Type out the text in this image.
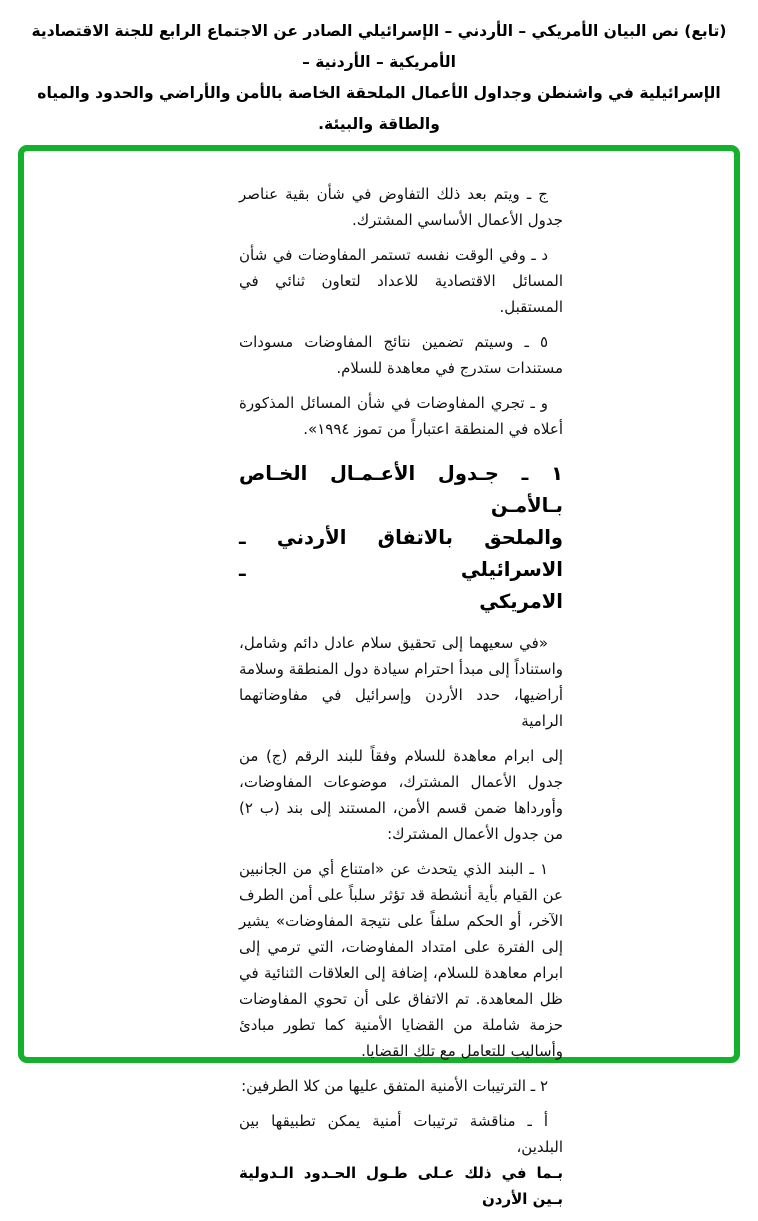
(تابع) نص البيان الأمريكي – الأردني – الإسرائيلي الصادر عن الاجتماع الرابع للجنة الاقتصادية الأمريكية – الأردنية –
الإسرائيلية في واشنطن وجداول الأعمال الملحقة الخاصة بالأمن والأراضي والحدود والمياه والطاقة والبيئة.

ج ـ ويتم بعد ذلك التفاوض في شأن بقية عناصر جدول الأعمال الأساسي المشترك.

د ـ وفي الوقت نفسه تستمر المفاوضات في شأن المسائل الاقتصادية للاعداد لتعاون ثنائي في المستقبل.

٥ ـ وسيتم تضمين نتائج المفاوضات مسودات مستندات ستدرج في معاهدة للسلام.

و ـ تجري المفاوضات في شأن المسائل المذكورة أعلاه في المنطقة اعتباراً من تموز ١٩٩٤».

١ ـ جـدول الأعـمـال الخـاص بـالأمـن
والملحق بالاتفاق الأردني ـ الاسرائيلي ـ
الامريكي

«في سعيهما إلى تحقيق سلام عادل دائم وشامل، واستناداً إلى مبدأ احترام سيادة دول المنطقة وسلامة أراضيها، حدد الأردن وإسرائيل في مفاوضاتهما الرامية

إلى ابرام معاهدة للسلام وفقاً للبند الرقم (ج) من جدول الأعمال المشترك، موضوعات المفاوضات، وأورداها ضمن قسم الأمن، المستند إلى بند (ب ٢) من جدول الأعمال المشترك:

١ ـ البند الذي يتحدث عن «امتناع أي من الجانبين عن القيام بأية أنشطة قد تؤثر سلباً على أمن الطرف الآخر، أو الحكم سلفاً على نتيجة المفاوضات» يشير إلى الفترة على امتداد المفاوضات، التي ترمي إلى ابرام معاهدة للسلام، إضافة إلى العلاقات الثنائية في ظل المعاهدة. تم الاتفاق على أن تحوي المفاوضات حزمة شاملة من القضايا الأمنية كما تطور مبادئ وأساليب للتعامل مع تلك القضايا.

٢ ـ الترتيبات الأمنية المتفق عليها من كلا الطرفين:

أ ـ مناقشة ترتيبات أمنية يمكن تطبيقها بين البلدين،
بـما في ذلك عـلى طـول الحـدود الـدولية بـين الأردن
